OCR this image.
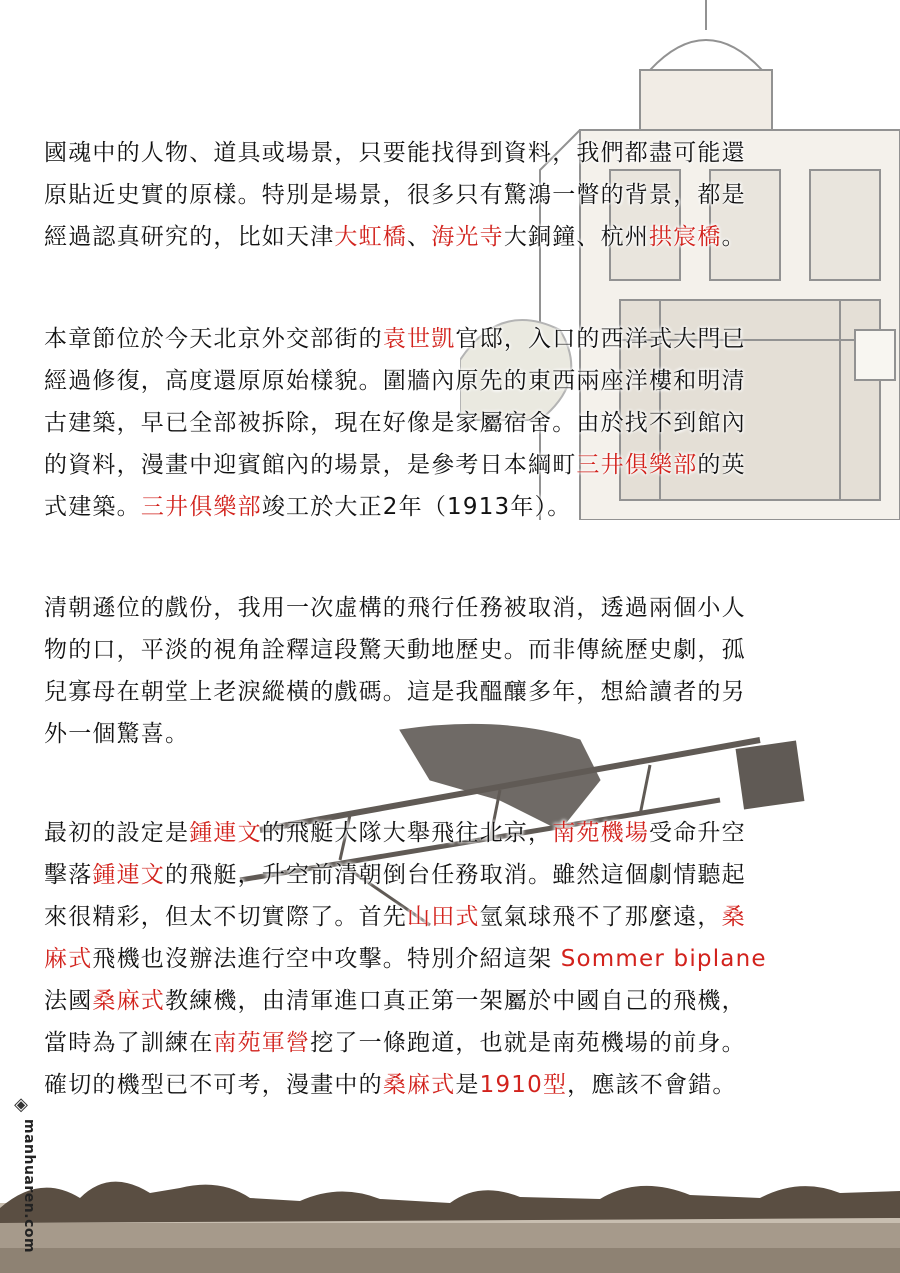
◈
manhuaren.com
國魂中的人物、道具或場景，只要能找得到資料，我們都盡可能還
原貼近史實的原樣。特別是場景，很多只有驚鴻一瞥的背景，都是
經過認真研究的，比如天津大虹橋、海光寺大銅鐘、杭州拱宸橋。
本章節位於今天北京外交部街的袁世凱官邸，入口的西洋式大門已
經過修復，高度還原原始樣貌。圍牆內原先的東西兩座洋樓和明清
古建築，早已全部被拆除，現在好像是家屬宿舍。由於找不到館內
的資料，漫畫中迎賓館內的場景，是參考日本綱町三井俱樂部的英
式建築。三井俱樂部竣工於大正2年（1913年）。
清朝遜位的戲份，我用一次虛構的飛行任務被取消，透過兩個小人
物的口，平淡的視角詮釋這段驚天動地歷史。而非傳統歷史劇，孤
兒寡母在朝堂上老淚縱橫的戲碼。這是我醞釀多年，想給讀者的另
外一個驚喜。
最初的設定是鍾連文的飛艇大隊大舉飛往北京，南苑機場受命升空
擊落鍾連文的飛艇，升空前清朝倒台任務取消。雖然這個劇情聽起
來很精彩，但太不切實際了。首先山田式氫氣球飛不了那麼遠，桑
麻式飛機也沒辦法進行空中攻擊。特別介紹這架 Sommer biplane
法國桑麻式教練機，由清軍進口真正第一架屬於中國自己的飛機，
當時為了訓練在南苑軍營挖了一條跑道，也就是南苑機場的前身。
確切的機型已不可考，漫畫中的桑麻式是1910型，應該不會錯。
